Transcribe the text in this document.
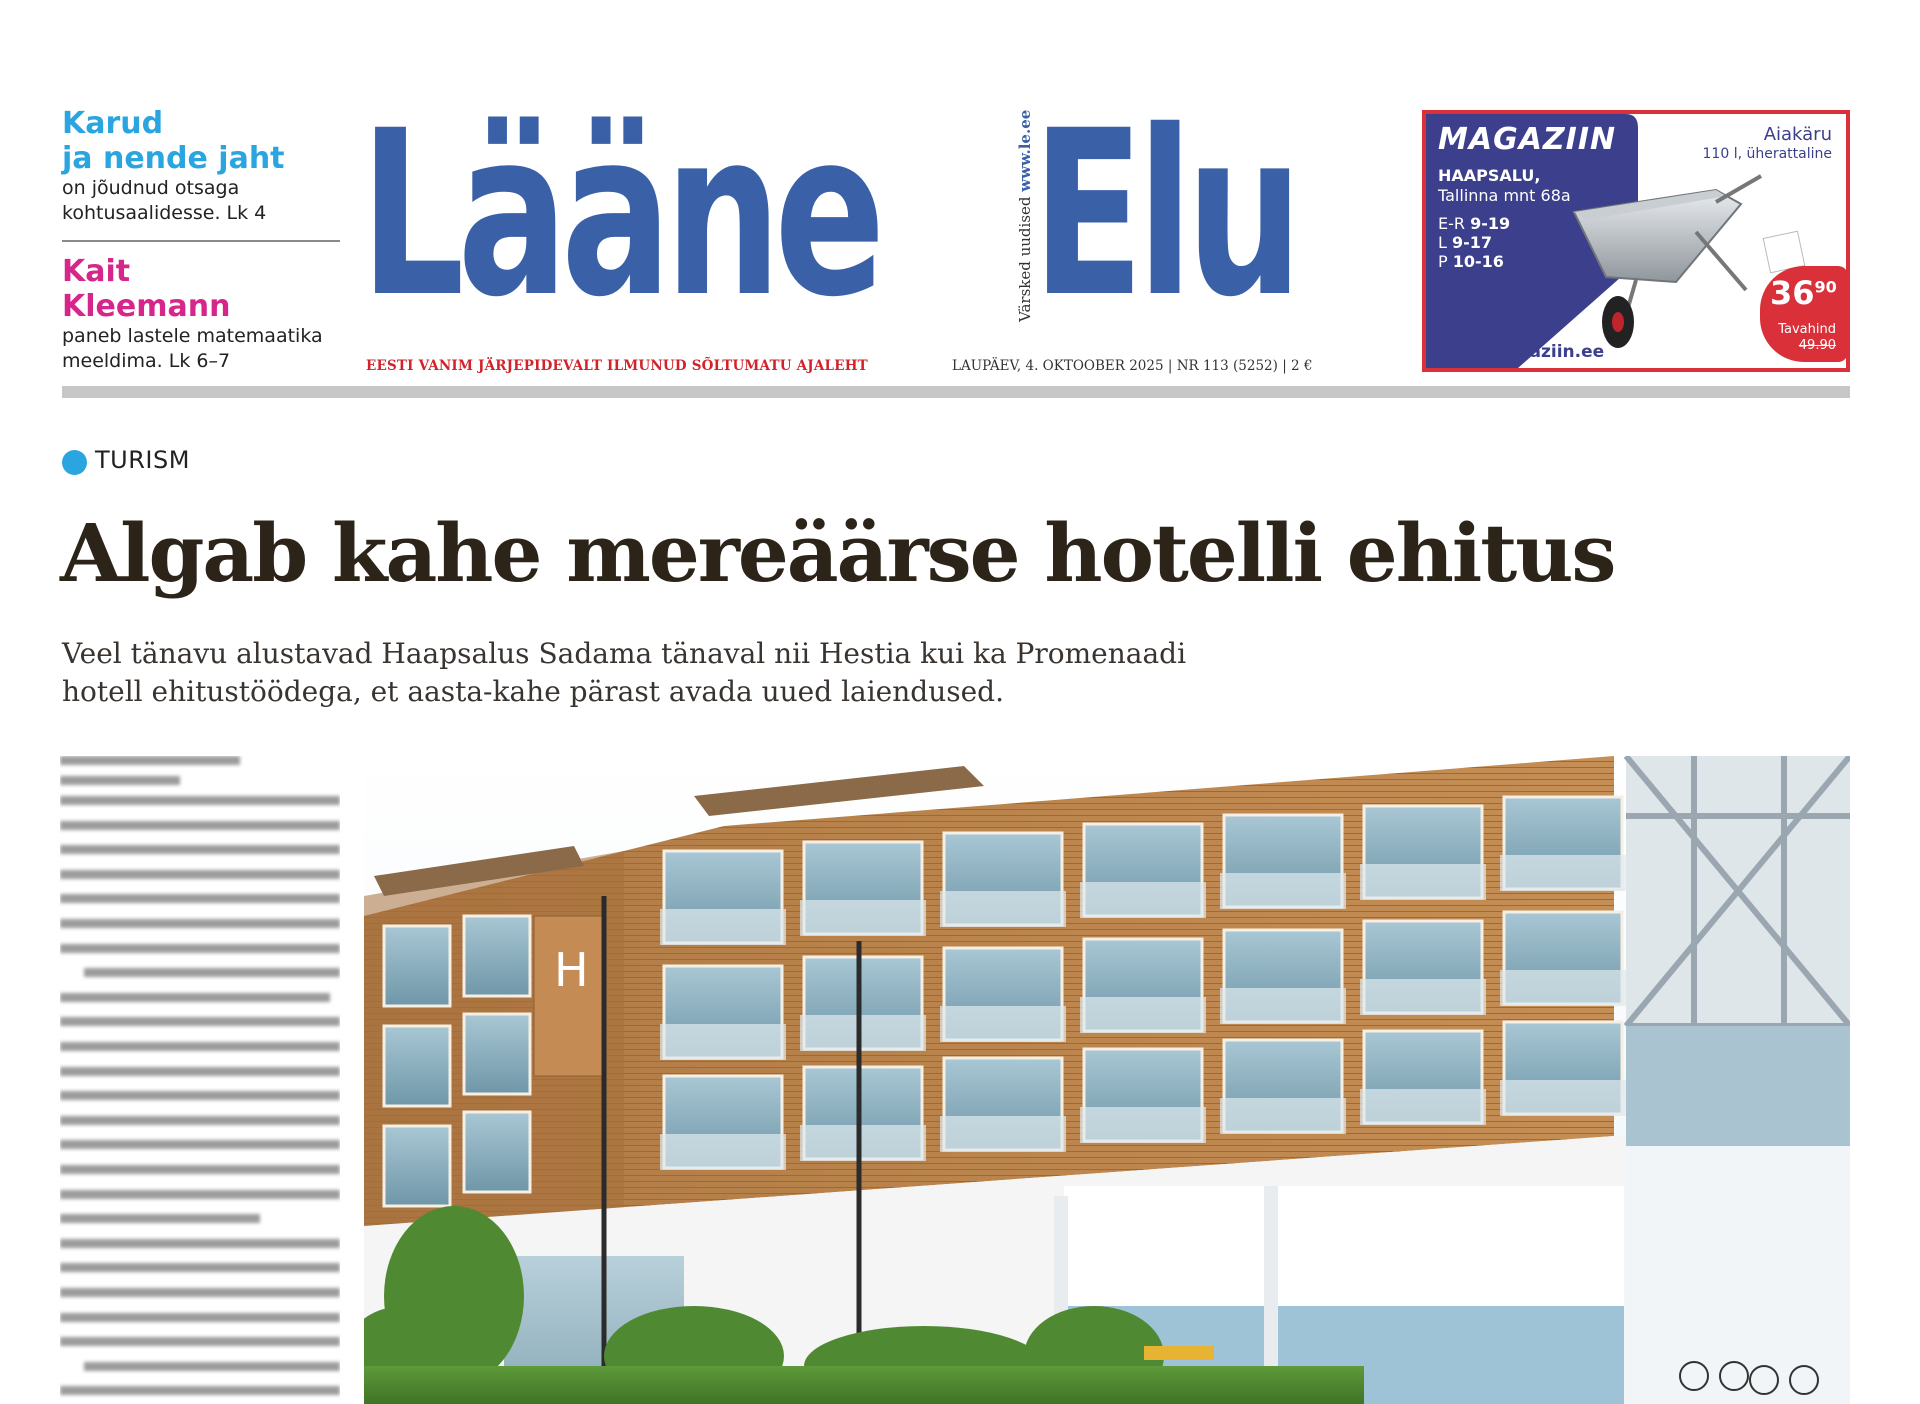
Karud
ja nende jaht
on jõudnud otsaga
kohtusaalidesse. Lk 4
Kait
Kleemann
paneb lastele matemaatika
meeldima. Lk 6–7
Lääne	Värsked uudised www.le.ee
Elu
EESTI VANIM JÄRJEPIDEVALT ILMUNUD SÕLTUMATU AJALEHT	LAUPÄEV, 4. OKTOOBER 2025 | NR 113 (5252) | 2 €
MAGAZIIN
HAAPSALU,
Tallinna mnt 68a
E-R 9-19
L 9-17
P 10-16
pood.magaziin.ee
Aiakäru
110 l, üherattaline
$36^{90}$
Tavahind
49.90
TURISM
Algab kahe mereäärse hotelli ehitus
Veel tänavu alustavad Haapsalus Sadama tänaval nii Hestia kui ka Promenaadi hotell ehitustöödega, et aasta-kahe pärast avada uued laiendused.
H
